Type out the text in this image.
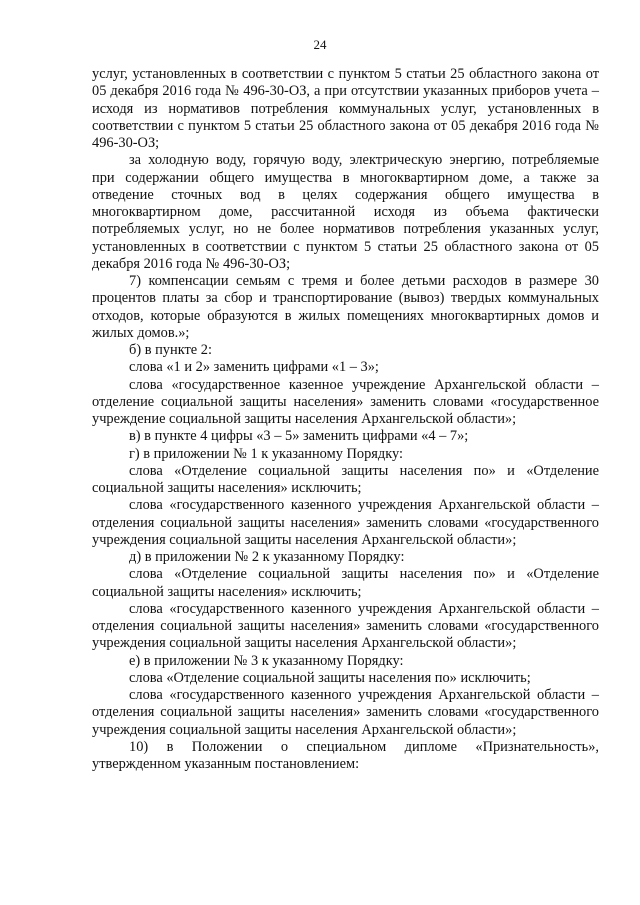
24

услуг, установленных в соответствии с пунктом 5 статьи 25 областного закона от 05 декабря 2016 года № 496-30-ОЗ, а при отсутствии указанных приборов учета – исходя из нормативов потребления коммунальных услуг, установленных в соответствии с пунктом 5 статьи 25 областного закона от 05 декабря 2016 года № 496-30-ОЗ;

за холодную воду, горячую воду, электрическую энергию, потребляемые при содержании общего имущества в многоквартирном доме, а также за отведение сточных вод в целях содержания общего имущества в многоквартирном доме, рассчитанной исходя из объема фактически потребляемых услуг, но не более нормативов потребления указанных услуг, установленных в соответствии с пунктом 5 статьи 25 областного закона от 05 декабря 2016 года № 496-30-ОЗ;

7) компенсации семьям с тремя и более детьми расходов в размере 30 процентов платы за сбор и транспортирование (вывоз) твердых коммунальных отходов, которые образуются в жилых помещениях многоквартирных домов и жилых домов.»;

б) в пункте 2:

слова «1 и 2» заменить цифрами «1 – 3»;

слова «государственное казенное учреждение Архангельской области – отделение социальной защиты населения» заменить словами «государственное учреждение социальной защиты населения Архангельской области»;

в) в пункте 4 цифры «3 – 5» заменить цифрами «4 – 7»;

г) в приложении № 1 к указанному Порядку:

слова «Отделение социальной защиты населения по» и «Отделение социальной защиты населения» исключить;

слова «государственного казенного учреждения Архангельской области – отделения социальной защиты населения» заменить словами «государственного учреждения социальной защиты населения Архангельской области»;

д) в приложении № 2 к указанному Порядку:

слова «Отделение социальной защиты населения по» и «Отделение социальной защиты населения» исключить;

слова «государственного казенного учреждения Архангельской области – отделения социальной защиты населения» заменить словами «государственного учреждения социальной защиты населения Архангельской области»;

е) в приложении № 3 к указанному Порядку:

слова «Отделение социальной защиты населения по» исключить;

слова «государственного казенного учреждения Архангельской области – отделения социальной защиты населения» заменить словами «государственного учреждения социальной защиты населения Архангельской области»;

10) в Положении о специальном дипломе «Признательность», утвержденном указанным постановлением:
